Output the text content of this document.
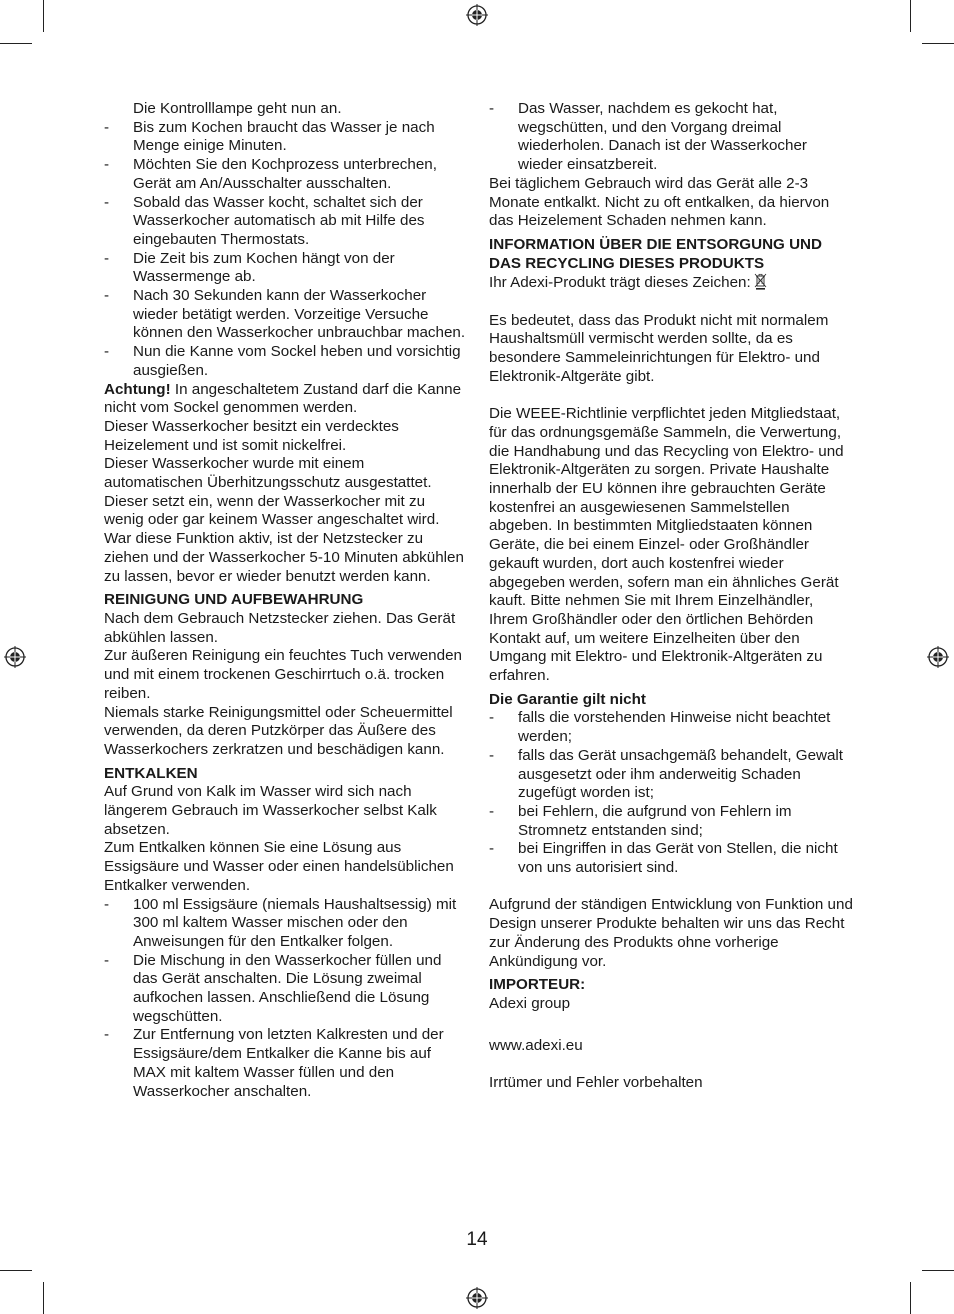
Die Kontrolllampe geht nun an.

- Bis zum Kochen braucht das Wasser je nach Menge einige Minuten.
- Möchten Sie den Kochprozess unterbrechen, Gerät am An/Ausschalter ausschalten.
- Sobald das Wasser kocht, schaltet sich der Wasserkocher automatisch ab mit Hilfe des eingebauten Thermostats.
- Die Zeit bis zum Kochen hängt von der Wassermenge ab.
- Nach 30 Sekunden kann der Wasserkocher wieder betätigt werden. Vorzeitige Versuche können den Wasserkocher unbrauchbar machen.
- Nun die Kanne vom Sockel heben und vorsichtig ausgießen.

Achtung! In angeschaltetem Zustand darf die Kanne nicht vom Sockel genommen werden.

Dieser Wasserkocher besitzt ein verdecktes Heizelement und ist somit nickelfrei.

Dieser Wasserkocher wurde mit einem automatischen Überhitzungsschutz ausgestattet. Dieser setzt ein, wenn der Wasserkocher mit zu wenig oder gar keinem Wasser angeschaltet wird. War diese Funktion aktiv, ist der Netzstecker zu ziehen und der Wasserkocher 5-10 Minuten abkühlen zu lassen, bevor er wieder benutzt werden kann.

REINIGUNG UND AUFBEWAHRUNG

Nach dem Gebrauch Netzstecker ziehen. Das Gerät abkühlen lassen.

Zur äußeren Reinigung ein feuchtes Tuch verwenden und mit einem trockenen Geschirrtuch o.ä. trocken reiben.

Niemals starke Reinigungsmittel oder Scheuermittel verwenden, da deren Putzkörper das Äußere des Wasserkochers zerkratzen und beschädigen kann.

ENTKALKEN

Auf Grund von Kalk im Wasser wird sich nach längerem Gebrauch im Wasserkocher selbst Kalk absetzen.

Zum Entkalken können Sie eine Lösung aus Essigsäure und Wasser oder einen handelsüblichen Entkalker verwenden.

- 100 ml Essigsäure (niemals Haushaltsessig) mit 300 ml kaltem Wasser mischen oder den Anweisungen für den Entkalker folgen.
- Die Mischung in den Wasserkocher füllen und das Gerät anschalten. Die Lösung zweimal aufkochen lassen. Anschließend die Lösung wegschütten.
- Zur Entfernung von letzten Kalkresten und der Essigsäure/dem Entkalker die Kanne bis auf MAX mit kaltem Wasser füllen und den Wasserkocher anschalten.
- Das Wasser, nachdem es gekocht hat, wegschütten, und den Vorgang dreimal wiederholen. Danach ist der Wasserkocher wieder einsatzbereit.

Bei täglichem Gebrauch wird das Gerät alle 2-3 Monate entkalkt. Nicht zu oft entkalken, da hiervon das Heizelement Schaden nehmen kann.

INFORMATION ÜBER DIE ENTSORGUNG UND DAS RECYCLING DIESES PRODUKTS

Ihr Adexi-Produkt trägt dieses Zeichen:

Es bedeutet, dass das Produkt nicht mit normalem Haushaltsmüll vermischt werden sollte, da es besondere Sammeleinrichtungen für Elektro- und Elektronik-Altgeräte gibt.

Die WEEE-Richtlinie verpflichtet jeden Mitgliedstaat, für das ordnungsgemäße Sammeln, die Verwertung, die Handhabung und das Recycling von Elektro- und Elektronik-Altgeräten zu sorgen. Private Haushalte innerhalb der EU können ihre gebrauchten Geräte kostenfrei an ausgewiesenen Sammelstellen abgeben. In bestimmten Mitgliedstaaten können Geräte, die bei einem Einzel- oder Großhändler gekauft wurden, dort auch kostenfrei wieder abgegeben werden, sofern man ein ähnliches Gerät kauft. Bitte nehmen Sie mit Ihrem Einzelhändler, Ihrem Großhändler oder den örtlichen Behörden Kontakt auf, um weitere Einzelheiten über den Umgang mit Elektro- und Elektronik-Altgeräten zu erfahren.

Die Garantie gilt nicht

- falls die vorstehenden Hinweise nicht beachtet werden;
- falls das Gerät unsachgemäß behandelt, Gewalt ausgesetzt oder ihm anderweitig Schaden zugefügt worden ist;
- bei Fehlern, die aufgrund von Fehlern im Stromnetz entstanden sind;
- bei Eingriffen in das Gerät von Stellen, die nicht von uns autorisiert sind.

Aufgrund der ständigen Entwicklung von Funktion und Design unserer Produkte behalten wir uns das Recht zur Änderung des Produkts ohne vorherige Ankündigung vor.

IMPORTEUR:

Adexi group

www.adexi.eu

Irrtümer und Fehler vorbehalten

14
